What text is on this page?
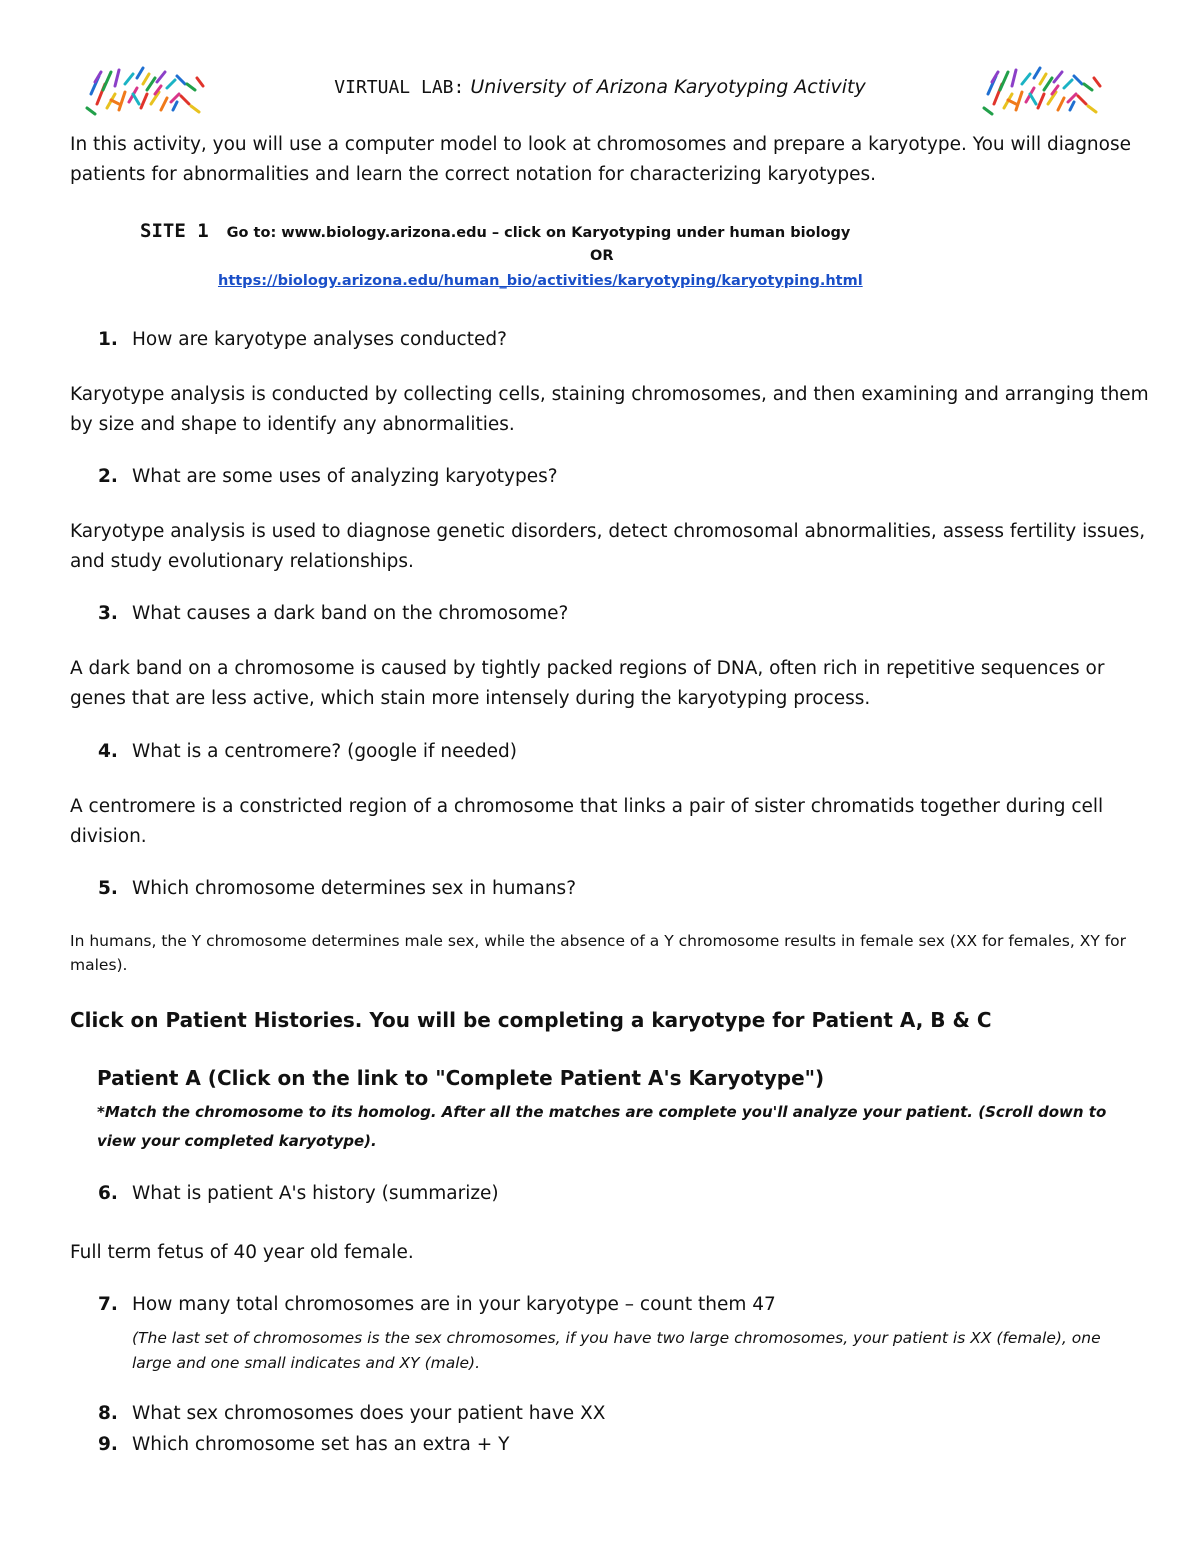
VIRTUAL LAB: University of Arizona Karyotyping Activity
In this activity, you will use a computer model to look at chromosomes and prepare a karyotype. You will diagnose patients for abnormalities and learn the correct notation for characterizing karyotypes.
SITE 1 Go to: www.biology.arizona.edu – click on Karyotyping under human biology
OR
https://biology.arizona.edu/human_bio/activities/karyotyping/karyotyping.html
1. How are karyotype analyses conducted?
Karyotype analysis is conducted by collecting cells, staining chromosomes, and then examining and arranging them by size and shape to identify any abnormalities.
2. What are some uses of analyzing karyotypes?
Karyotype analysis is used to diagnose genetic disorders, detect chromosomal abnormalities, assess fertility issues, and study evolutionary relationships.
3. What causes a dark band on the chromosome?
A dark band on a chromosome is caused by tightly packed regions of DNA, often rich in repetitive sequences or genes that are less active, which stain more intensely during the karyotyping process.
4. What is a centromere? (google if needed)
A centromere is a constricted region of a chromosome that links a pair of sister chromatids together during cell division.
5. Which chromosome determines sex in humans?
In humans, the Y chromosome determines male sex, while the absence of a Y chromosome results in female sex (XX for females, XY for males).
Click on Patient Histories. You will be completing a karyotype for Patient A, B & C
Patient A (Click on the link to "Complete Patient A's Karyotype")
*Match the chromosome to its homolog. After all the matches are complete you'll analyze your patient. (Scroll down to view your completed karyotype).
6. What is patient A's history (summarize)
Full term fetus of 40 year old female.
7. How many total chromosomes are in your karyotype – count them 47
(The last set of chromosomes is the sex chromosomes, if you have two large chromosomes, your patient is XX (female), one large and one small indicates and XY (male).
8. What sex chromosomes does your patient have XX
9. Which chromosome set has an extra + Y
